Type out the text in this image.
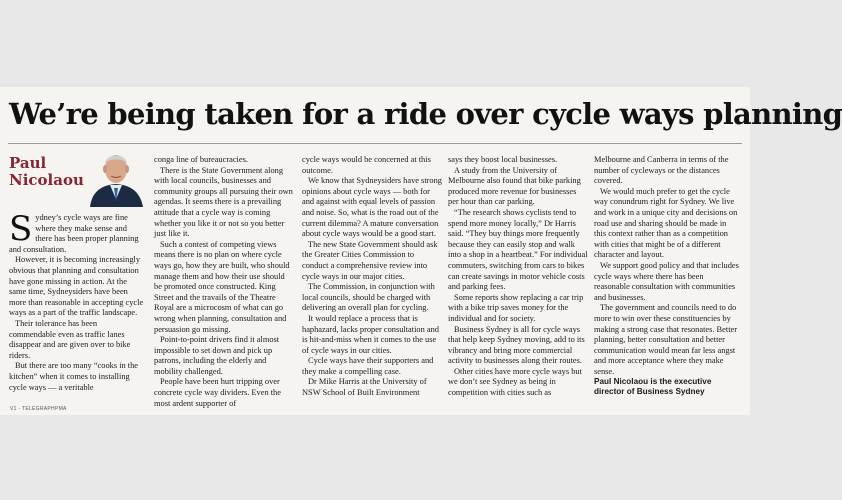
We’re being taken for a ride over cycle ways planning
Paul
Nicolaou

Sydney’s cycle ways are fine where they make sense and there has been proper planning and consultation.

However, it is becoming increasingly obvious that planning and consultation have gone missing in action. At the same time, Sydneysiders have been more than reasonable in accepting cycle ways as a part of the traffic landscape.

Their tolerance has been commendable even as traffic lanes disappear and are given over to bike riders.

But there are too many “cooks in the kitchen” when it comes to installing cycle ways — a veritable

conga line of bureaucracies.

There is the State Government along with local councils, businesses and community groups all pursuing their own agendas. It seems there is a prevailing attitude that a cycle way is coming whether you like it or not so you better just like it.

Such a contest of competing views means there is no plan on where cycle ways go, how they are built, who should manage them and how their use should be promoted once constructed. King Street and the travails of the Theatre Royal are a microcosm of what can go wrong when planning, consultation and persuasion go missing.

Point-to-point drivers find it almost impossible to set down and pick up patrons, including the elderly and mobility challenged.

People have been hurt tripping over concrete cycle way dividers. Even the most ardent supporter of

cycle ways would be concerned at this outcome.

We know that Sydneysiders have strong opinions about cycle ways — both for and against with equal levels of passion and noise. So, what is the road out of the current dilemma? A mature conversation about cycle ways would be a good start.

The new State Government should ask the Greater Cities Commission to conduct a comprehensive review into cycle ways in our major cities.

The Commission, in conjunction with local councils, should be charged with delivering an overall plan for cycling.

It would replace a process that is haphazard, lacks proper consultation and is hit-and-miss when it comes to the use of cycle ways in our cities.

Cycle ways have their supporters and they make a compelling case.

Dr Mike Harris at the University of NSW School of Built Environment

says they boost local businesses.

A study from the University of Melbourne also found that bike parking produced more revenue for businesses per hour than car parking.

“The research shows cyclists tend to spend more money locally,” Dr Harris said. “They buy things more frequently because they can easily stop and walk into a shop in a heartbeat.” For individual commuters, switching from cars to bikes can create savings in motor vehicle costs and parking fees.

Some reports show replacing a car trip with a bike trip saves money for the individual and for society.

Business Sydney is all for cycle ways that help keep Sydney moving, add to its vibrancy and bring more commercial activity to businesses along their routes.

Other cities have more cycle ways but we don’t see Sydney as being in competition with cities such as

Melbourne and Canberra in terms of the number of cycleways or the distances covered.

We would much prefer to get the cycle way conundrum right for Sydney. We live and work in a unique city and decisions on road use and sharing should be made in this context rather than as a competition with cities that might be of a different character and layout.

We support good policy and that includes cycle ways where there has been reasonable consultation with communities and businesses.

The government and councils need to do more to win over these constituencies by making a strong case that resonates. Better planning, better consultation and better communication would mean far less angst and more acceptance where they make sense.

Paul Nicolaou is the executive director of Business Sydney

V1 - TELEGRAPHPMA
